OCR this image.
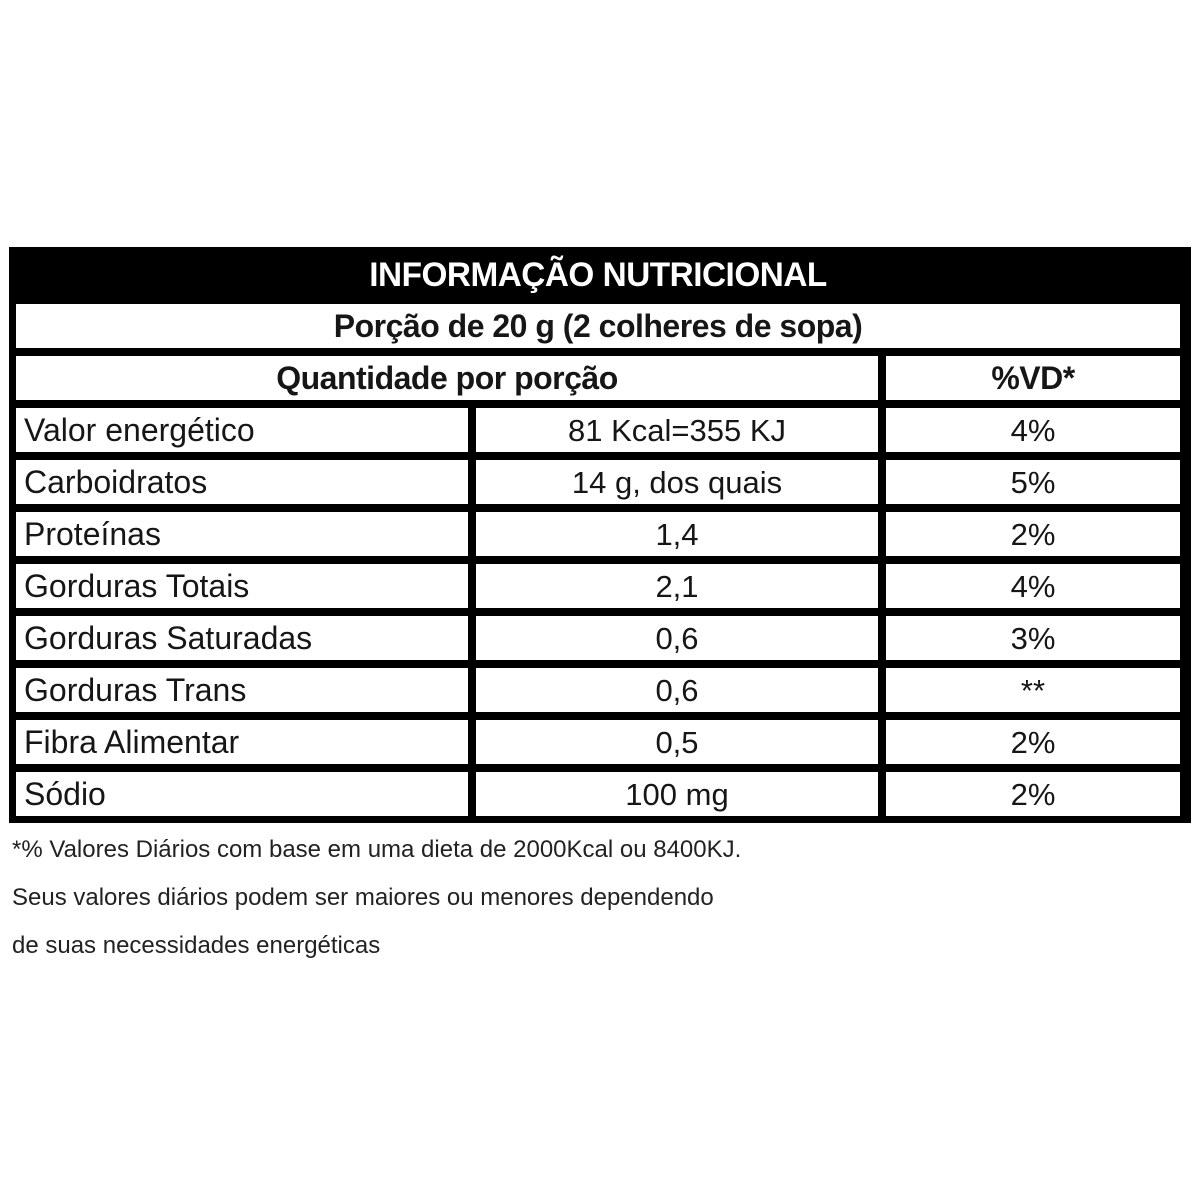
INFORMAÇÃO NUTRICIONAL
Porção de 20 g (2 colheres de sopa)
Quantidade por porção	%VD*
Valor energético	81 Kcal=355 KJ	4%
Carboidratos	14 g, dos quais	5%
Proteínas	1,4	2%
Gorduras Totais	2,1	4%
Gorduras Saturadas	0,6	3%
Gorduras Trans	0,6	**
Fibra Alimentar	0,5	2%
Sódio	100 mg	2%

*% Valores Diários com base em uma dieta de 2000Kcal ou 8400KJ.

Seus valores diários podem ser maiores ou menores dependendo

de suas necessidades energéticas
